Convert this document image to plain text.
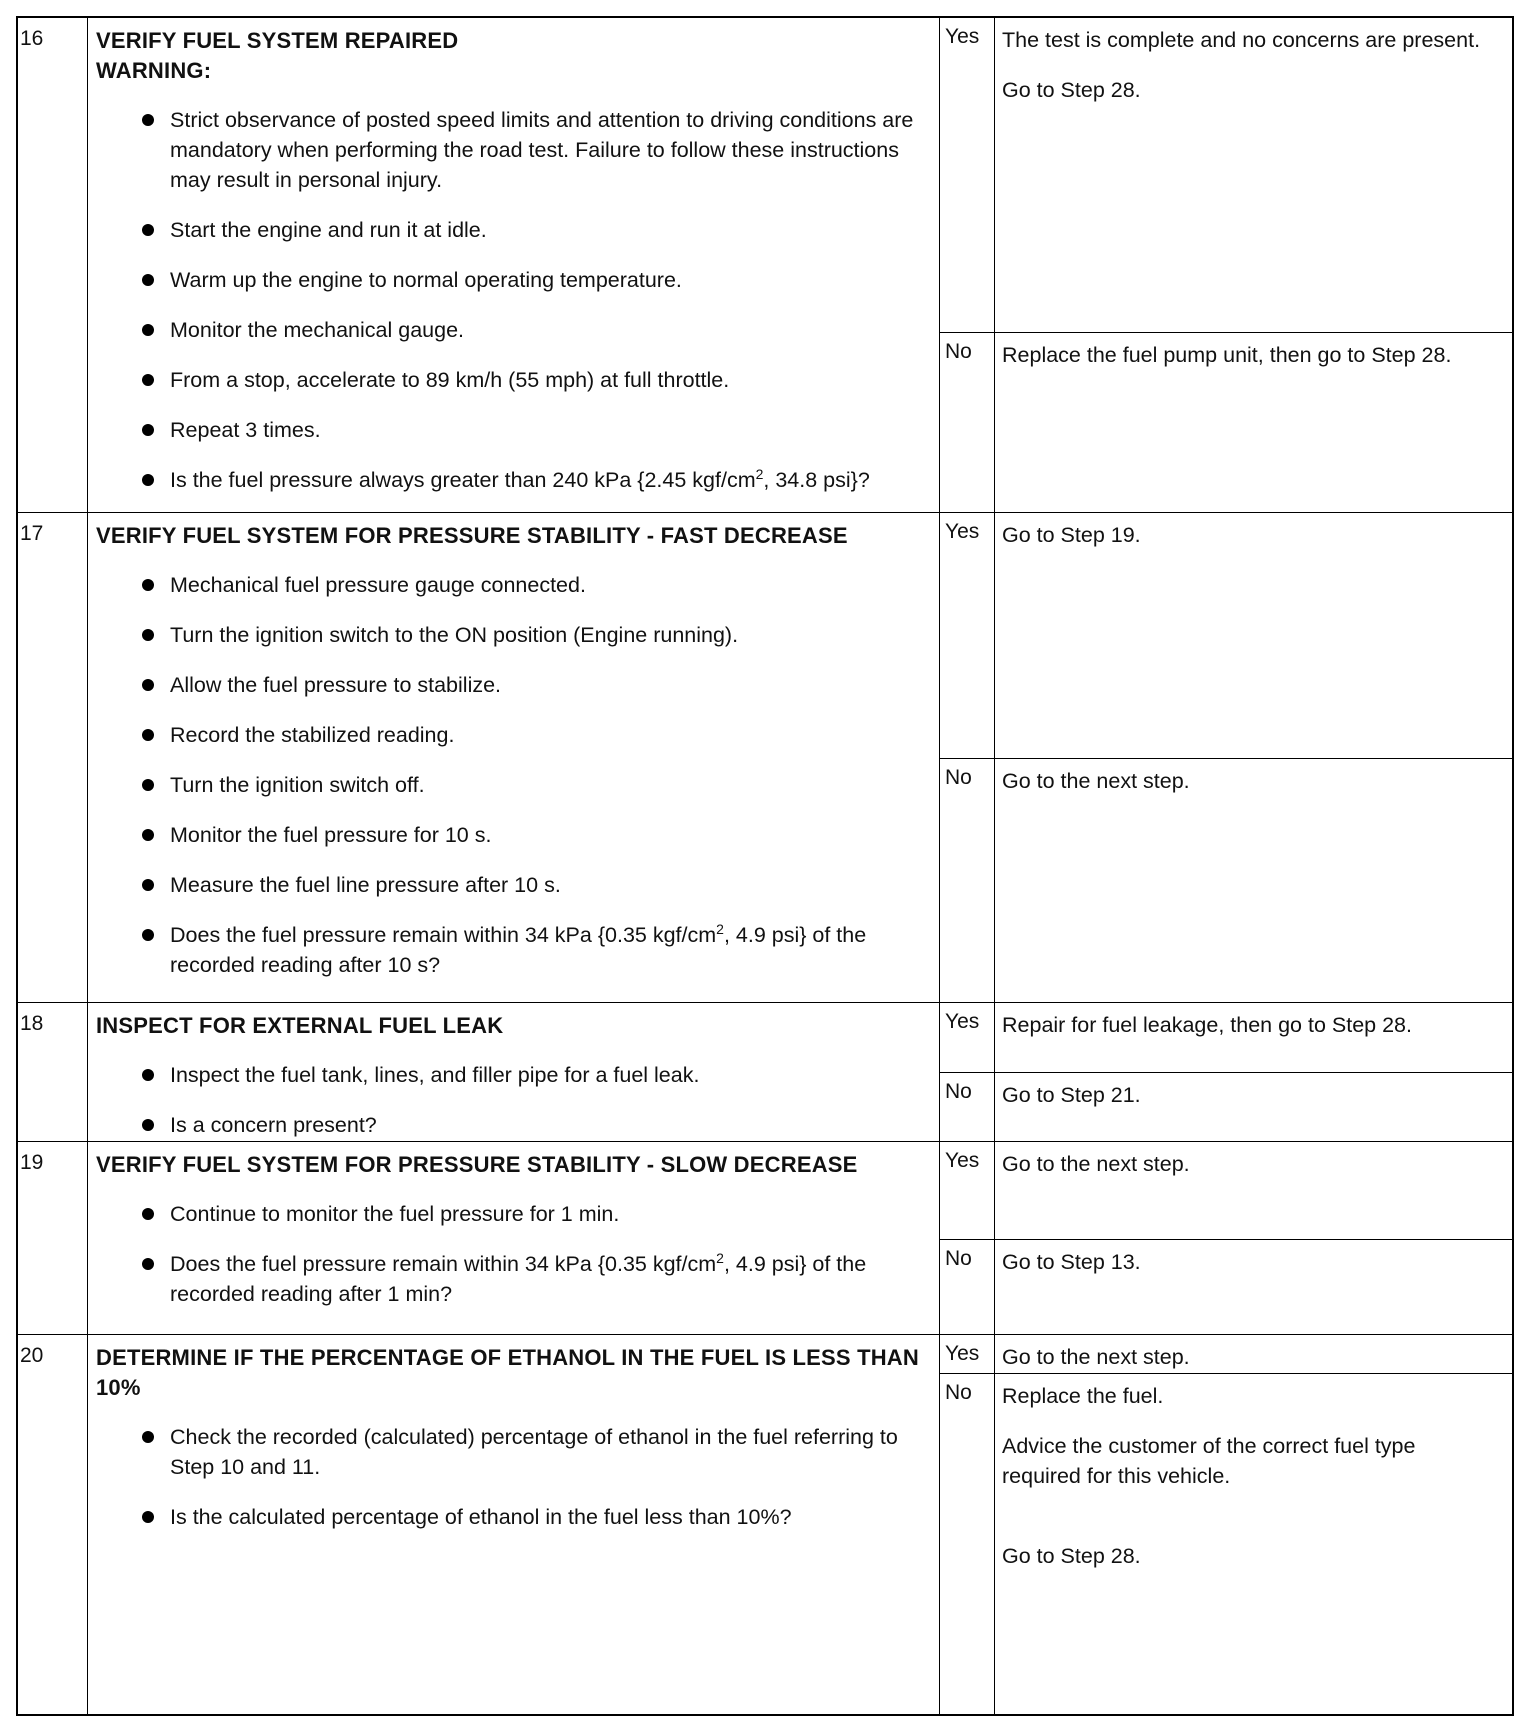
16 VERIFY FUEL SYSTEM REPAIRED
WARNING:
Strict observance of posted speed limits and attention to driving conditions are mandatory when performing the road test. Failure to follow these instructions may result in personal injury.
Start the engine and run it at idle.
Warm up the engine to normal operating temperature.
Monitor the mechanical gauge.
From a stop, accelerate to 89 km/h (55 mph) at full throttle.
Repeat 3 times.
Is the fuel pressure always greater than 240 kPa {2.45 kgf/$cm^2$, 34.8 psi}?
Yes The test is complete and no concerns are present.

Go to Step 28.

No Replace the fuel pump unit, then go to Step 28.

17 VERIFY FUEL SYSTEM FOR PRESSURE STABILITY - FAST DECREASE
Mechanical fuel pressure gauge connected.
Turn the ignition switch to the ON position (Engine running).
Allow the fuel pressure to stabilize.
Record the stabilized reading.
Turn the ignition switch off.
Monitor the fuel pressure for 10 s.
Measure the fuel line pressure after 10 s.
Does the fuel pressure remain within 34 kPa {0.35 kgf/$cm^2$, 4.9 psi} of the recorded reading after 10 s?
Yes Go to Step 19.

No Go to the next step.

18 INSPECT FOR EXTERNAL FUEL LEAK
Inspect the fuel tank, lines, and filler pipe for a fuel leak.
Is a concern present?
Yes Repair for fuel leakage, then go to Step 28.

No Go to Step 21.

19 VERIFY FUEL SYSTEM FOR PRESSURE STABILITY - SLOW DECREASE
Continue to monitor the fuel pressure for 1 min.
Does the fuel pressure remain within 34 kPa {0.35 kgf/$cm^2$, 4.9 psi} of the recorded reading after 1 min?
Yes Go to the next step.

No Go to Step 13.

20 DETERMINE IF THE PERCENTAGE OF ETHANOL IN THE FUEL IS LESS THAN 10%
Check the recorded (calculated) percentage of ethanol in the fuel referring to Step 10 and 11.
Is the calculated percentage of ethanol in the fuel less than 10%?
Yes Go to the next step.

No Replace the fuel.

Advice the customer of the correct fuel type required for this vehicle.

Go to Step 28.
